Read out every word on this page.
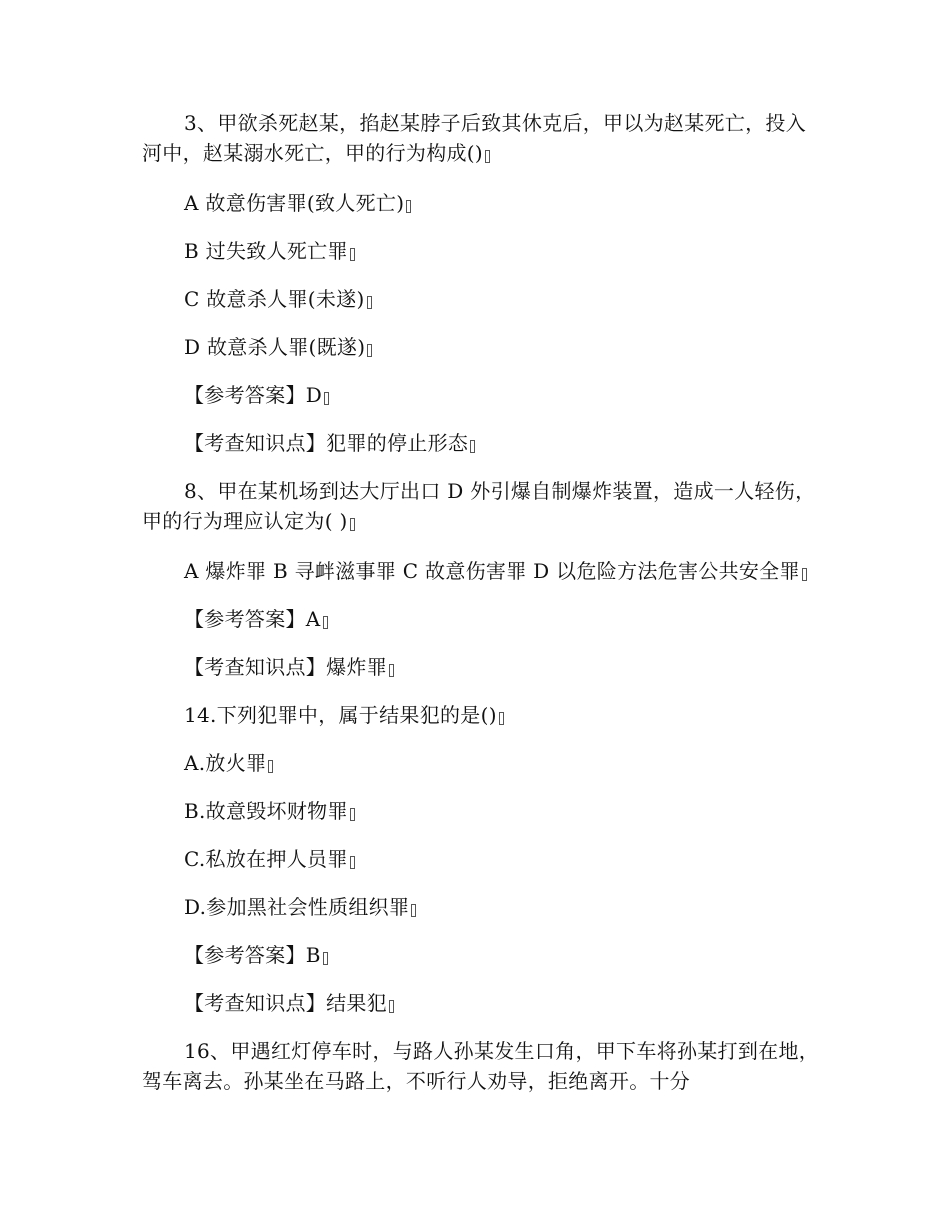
3、甲欲杀死赵某，掐赵某脖子后致其休克后，甲以为赵某死亡，投入河中，赵某溺水死亡，甲的行为构成()
A 故意伤害罪(致人死亡)
B 过失致人死亡罪
C 故意杀人罪(未遂)
D 故意杀人罪(既遂)
【参考答案】D
【考查知识点】犯罪的停止形态
8、甲在某机场到达大厅出口 D 外引爆自制爆炸装置，造成一人轻伤，甲的行为理应认定为( )
A 爆炸罪 B 寻衅滋事罪 C 故意伤害罪 D 以危险方法危害公共安全罪
【参考答案】A
【考查知识点】爆炸罪
14.下列犯罪中，属于结果犯的是()
A.放火罪
B.故意毁坏财物罪
C.私放在押人员罪
D.参加黑社会性质组织罪
【参考答案】B
【考查知识点】结果犯
16、甲遇红灯停车时，与路人孙某发生口角，甲下车将孙某打到在地，驾车离去。孙某坐在马路上，不听行人劝导，拒绝离开。十分
